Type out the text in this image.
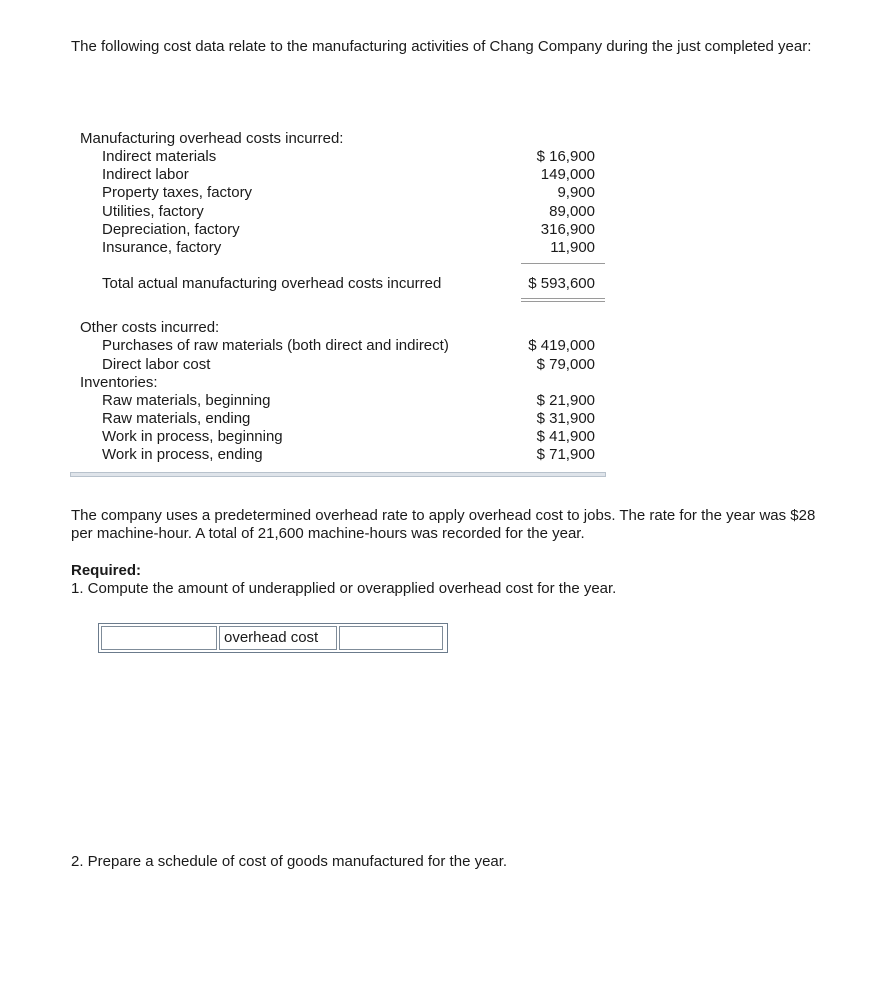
The following cost data relate to the manufacturing activities of Chang Company during the just completed year:
Manufacturing overhead costs incurred:
Indirect materials	$ 16,900
Indirect labor	149,000
Property taxes, factory	9,900
Utilities, factory	89,000
Depreciation, factory	316,900
Insurance, factory	11,900
Total actual manufacturing overhead costs incurred	$ 593,600
Other costs incurred:
Purchases of raw materials (both direct and indirect)	$ 419,000
Direct labor cost	$ 79,000
Inventories:
Raw materials, beginning	$ 21,900
Raw materials, ending	$ 31,900
Work in process, beginning	$ 41,900
Work in process, ending	$ 71,900
The company uses a predetermined overhead rate to apply overhead cost to jobs. The rate for the year was $28 per machine-hour. A total of 21,600 machine-hours was recorded for the year.
Required:
1. Compute the amount of underapplied or overapplied overhead cost for the year.
overhead cost
2. Prepare a schedule of cost of goods manufactured for the year.
